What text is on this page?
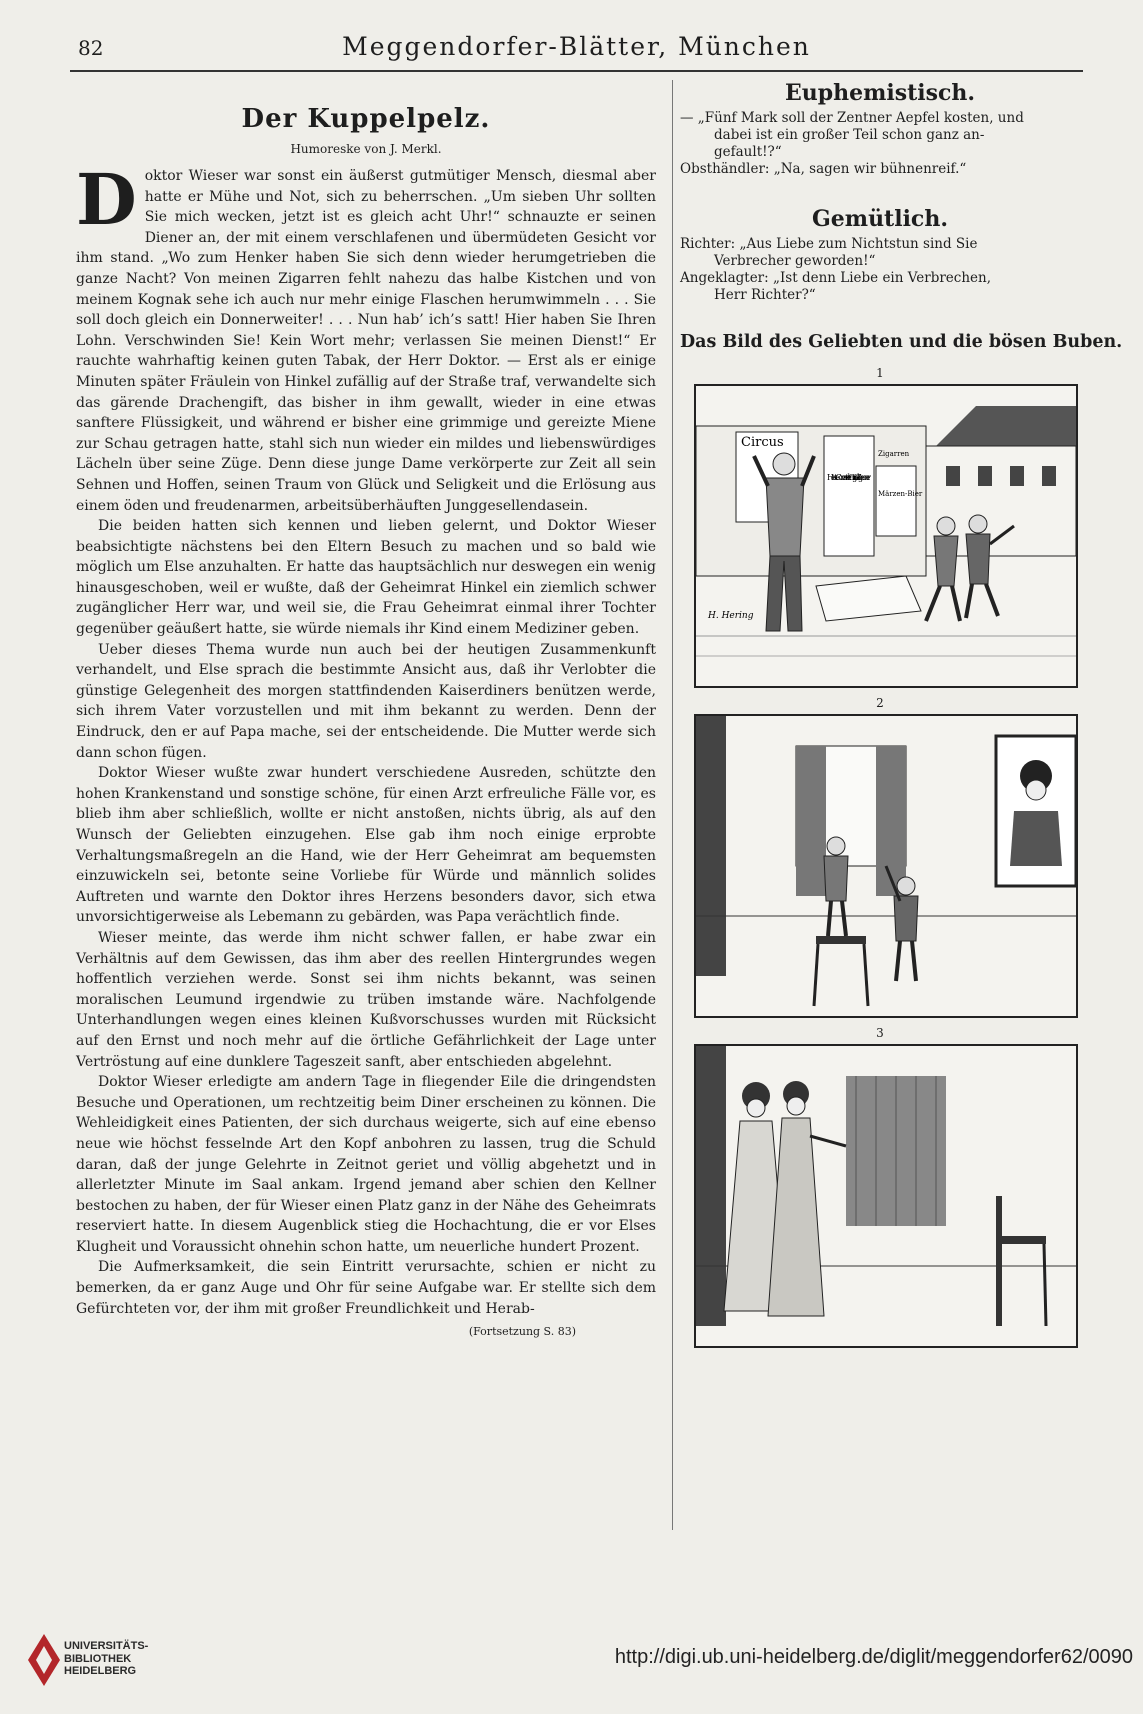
82	Meggendorfer-Blätter, München
Der Kuppelpelz.
Humoreske von J. Merkl.

Doktor Wieser war sonst ein äußerst gutmütiger Mensch, diesmal aber hatte er Mühe und Not, sich zu beherrschen. „Um sieben Uhr sollten Sie mich wecken, jetzt ist es gleich acht Uhr!“ schnauzte er seinen Diener an, der mit einem verschlafenen und übermüdeten Gesicht vor ihm stand. „Wo zum Henker haben Sie sich denn wieder herumgetrieben die ganze Nacht? Von meinen Zigarren fehlt nahezu das halbe Kistchen und von meinem Kognak sehe ich auch nur mehr einige Flaschen herumwimmeln . . . Sie soll doch gleich ein Donnerweiter! . . . Nun hab’ ich’s satt! Hier haben Sie Ihren Lohn. Verschwinden Sie! Kein Wort mehr; verlassen Sie meinen Dienst!“ Er rauchte wahrhaftig keinen guten Tabak, der Herr Doktor. — Erst als er einige Minuten später Fräulein von Hinkel zufällig auf der Straße traf, verwandelte sich das gärende Drachengift, das bisher in ihm gewallt, wieder in eine etwas sanftere Flüssigkeit, und während er bisher eine grimmige und gereizte Miene zur Schau getragen hatte, stahl sich nun wieder ein mildes und liebenswürdiges Lächeln über seine Züge. Denn diese junge Dame verkörperte zur Zeit all sein Sehnen und Hoffen, seinen Traum von Glück und Seligkeit und die Erlösung aus einem öden und freudenarmen, arbeitsüberhäuften Junggesellendasein.

Die beiden hatten sich kennen und lieben gelernt, und Doktor Wieser beabsichtigte nächstens bei den Eltern Besuch zu machen und so bald wie möglich um Else anzuhalten. Er hatte das hauptsächlich nur deswegen ein wenig hinausgeschoben, weil er wußte, daß der Geheimrat Hinkel ein ziemlich schwer zugänglicher Herr war, und weil sie, die Frau Geheimrat einmal ihrer Tochter gegenüber geäußert hatte, sie würde niemals ihr Kind einem Mediziner geben.

Ueber dieses Thema wurde nun auch bei der heutigen Zusammenkunft verhandelt, und Else sprach die bestimmte Ansicht aus, daß ihr Verlobter die günstige Gelegenheit des morgen stattfindenden Kaiserdiners benützen werde, sich ihrem Vater vorzustellen und mit ihm bekannt zu werden. Denn der Eindruck, den er auf Papa mache, sei der entscheidende. Die Mutter werde sich dann schon fügen.

Doktor Wieser wußte zwar hundert verschiedene Ausreden, schützte den hohen Krankenstand und sonstige schöne, für einen Arzt erfreuliche Fälle vor, es blieb ihm aber schließlich, wollte er nicht anstoßen, nichts übrig, als auf den Wunsch der Geliebten einzugehen. Else gab ihm noch einige erprobte Verhaltungsmaßregeln an die Hand, wie der Herr Geheimrat am bequemsten einzuwickeln sei, betonte seine Vorliebe für Würde und männlich solides Auftreten und warnte den Doktor ihres Herzens besonders davor, sich etwa unvorsichtigerweise als Lebemann zu gebärden, was Papa verächtlich finde.

Wieser meinte, das werde ihm nicht schwer fallen, er habe zwar ein Verhältnis auf dem Gewissen, das ihm aber des reellen Hintergrundes wegen hoffentlich verziehen werde. Sonst sei ihm nichts bekannt, was seinen moralischen Leumund irgendwie zu trüben imstande wäre. Nachfolgende Unterhandlungen wegen eines kleinen Kußvorschusses wurden mit Rücksicht auf den Ernst und noch mehr auf die örtliche Gefährlichkeit der Lage unter Vertröstung auf eine dunklere Tageszeit sanft, aber entschieden abgelehnt.

Doktor Wieser erledigte am andern Tage in fliegender Eile die dringendsten Besuche und Operationen, um rechtzeitig beim Diner erscheinen zu können. Die Wehleidigkeit eines Patienten, der sich durchaus weigerte, sich auf eine ebenso neue wie höchst fesselnde Art den Kopf anbohren zu lassen, trug die Schuld daran, daß der junge Gelehrte in Zeitnot geriet und völlig abgehetzt und in allerletzter Minute im Saal ankam. Irgend jemand aber schien den Kellner bestochen zu haben, der für Wieser einen Platz ganz in der Nähe des Geheimrats reserviert hatte. In diesem Augenblick stieg die Hochachtung, die er vor Elses Klugheit und Voraussicht ohnehin schon hatte, um neuerliche hundert Prozent.

Die Aufmerksamkeit, die sein Eintritt verursachte, schien er nicht zu bemerken, da er ganz Auge und Ohr für seine Aufgabe war. Er stellte sich dem Gefürchteten vor, der ihm mit großer Freundlichkeit und Herab-

(Fortsetzung S. 83)
Euphemistisch.

— „Fünf Mark soll der Zentner Aepfel kosten, und

dabei ist ein großer Teil schon ganz an-

gefault!?“

Obsthändler: „Na, sagen wir bühnenreif.“

Gemütlich.

Richter: „Aus Liebe zum Nichtstun sind Sie

Verbrecher geworden!“

Angeklagter: „Ist denn Liebe ein Verbrechen,

Herr Richter?“

Das Bild des Geliebten und die bösen Buben.
1
Circus
Heute Conzert der Original-Zigeuner
Märzen-Bier
Zigarren
H. Hering
2
3
UNIVERSITÄTS-
BIBLIOTHEK
HEIDELBERG
http://digi.ub.uni-heidelberg.de/diglit/meggendorfer62/0090
